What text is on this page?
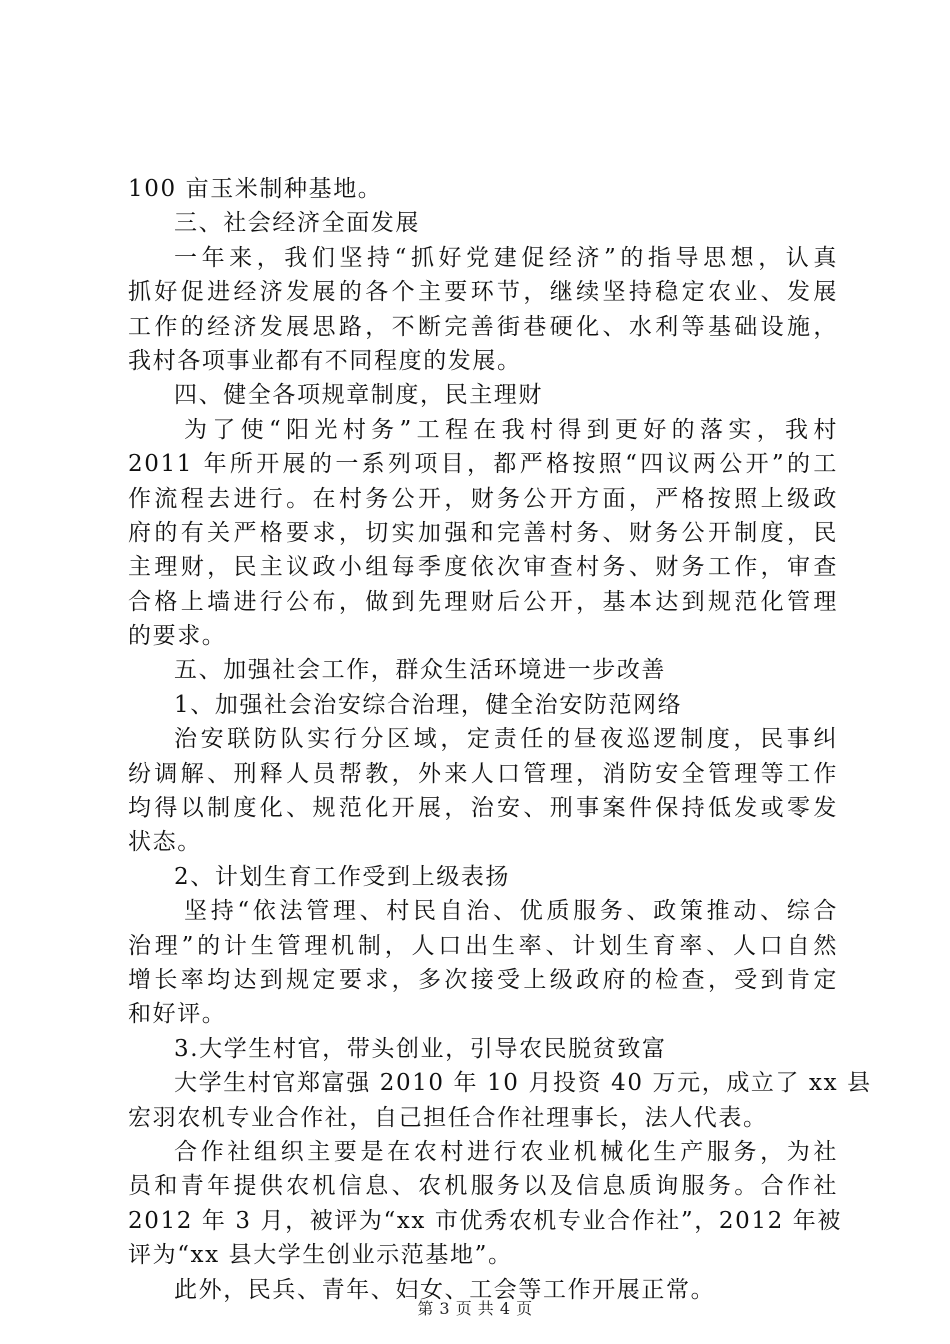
100 亩玉米制种基地。
三、社会经济全面发展
一年来，我们坚持“抓好党建促经济”的指导思想，认真
抓好促进经济发展的各个主要环节，继续坚持稳定农业、发展
工作的经济发展思路，不断完善街巷硬化、水利等基础设施，
我村各项事业都有不同程度的发展。
四、健全各项规章制度，民主理财
为了使“阳光村务”工程在我村得到更好的落实，我村
2011 年所开展的一系列项目，都严格按照“四议两公开”的工
作流程去进行。在村务公开，财务公开方面，严格按照上级政
府的有关严格要求，切实加强和完善村务、财务公开制度，民
主理财，民主议政小组每季度依次审查村务、财务工作，审查
合格上墙进行公布，做到先理财后公开，基本达到规范化管理
的要求。
五、加强社会工作，群众生活环境进一步改善
1、加强社会治安综合治理，健全治安防范网络
治安联防队实行分区域，定责任的昼夜巡逻制度，民事纠
纷调解、刑释人员帮教，外来人口管理，消防安全管理等工作
均得以制度化、规范化开展，治安、刑事案件保持低发或零发
状态。
2、计划生育工作受到上级表扬
坚持“依法管理、村民自治、优质服务、政策推动、综合
治理”的计生管理机制，人口出生率、计划生育率、人口自然
增长率均达到规定要求，多次接受上级政府的检查，受到肯定
和好评。
3.大学生村官，带头创业，引导农民脱贫致富
大学生村官郑富强 2010 年 10 月投资 40 万元，成立了 xx 县
宏羽农机专业合作社，自己担任合作社理事长，法人代表。
合作社组织主要是在农村进行农业机械化生产服务，为社
员和青年提供农机信息、农机服务以及信息质询服务。合作社
2012 年 3 月，被评为“xx 市优秀农机专业合作社”，2012 年被
评为“xx 县大学生创业示范基地”。
此外，民兵、青年、妇女、工会等工作开展正常。
第 3 页 共 4 页
